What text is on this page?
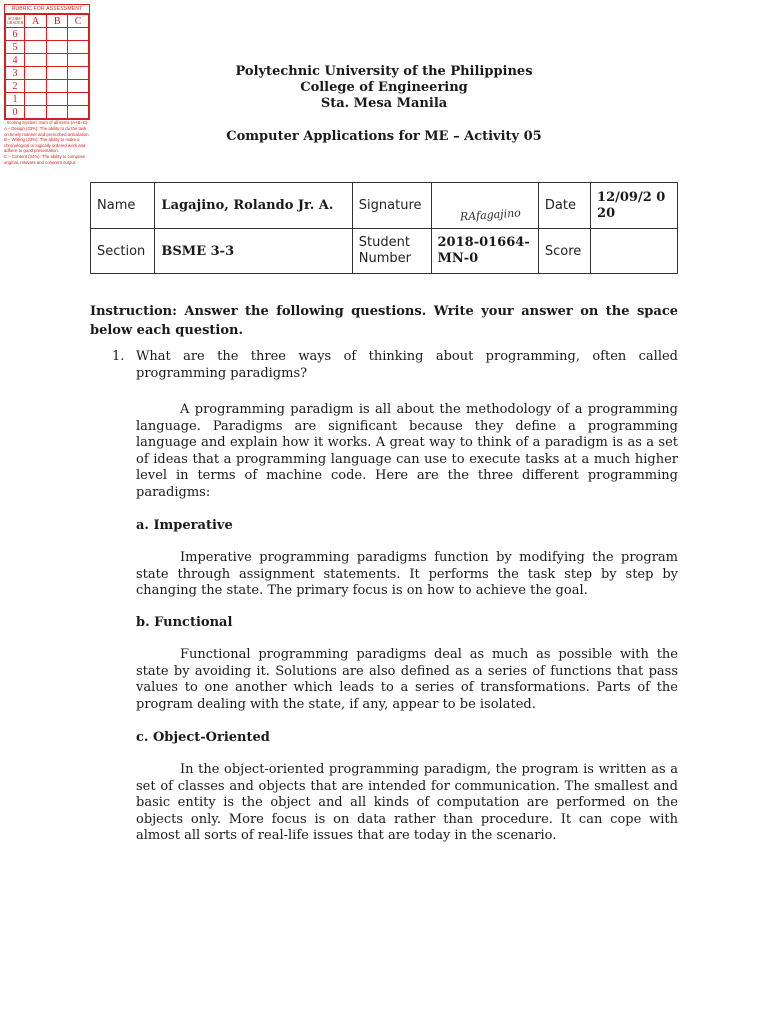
RUBRIC FOR ASSESSMENT
SCORE/ GRADER	A	B	C
6			
5			
4			
3			
2			
1			
0			

Scoring System: Sum of all items (A+B+C)

A – Design (33%): The ability to do the task on timely manner and prescribed articulation.

B – Writing (33%): The ability to make a chronological or logically ordered work and adhere to good presentation.

C – Content (34%): The ability to compose original, relevant and coherent output.

Polytechnic University of the Philippines
College of Engineering
Sta. Mesa Manila
Computer Applications for ME – Activity 05
Name	Lagajino, Rolando Jr. A.	Signature	RAfagajino	Date	12/09/2 020
Section	BSME 3-3	Student Number	2018-01664-MN-0	Score	
Instruction: Answer the following questions. Write your answer on the space below each question.
1. What are the three ways of thinking about programming, often called programming paradigms?
A programming paradigm is all about the methodology of a programming language. Paradigms are significant because they define a programming language and explain how it works. A great way to think of a paradigm is as a set of ideas that a programming language can use to execute tasks at a much higher level in terms of machine code. Here are the three different programming paradigms:
a. Imperative
Imperative programming paradigms function by modifying the program state through assignment statements. It performs the task step by step by changing the state. The primary focus is on how to achieve the goal.
b. Functional
Functional programming paradigms deal as much as possible with the state by avoiding it. Solutions are also defined as a series of functions that pass values to one another which leads to a series of transformations. Parts of the program dealing with the state, if any, appear to be isolated.
c. Object-Oriented
In the object-oriented programming paradigm, the program is written as a set of classes and objects that are intended for communication. The smallest and basic entity is the object and all kinds of computation are performed on the objects only. More focus is on data rather than procedure. It can cope with almost all sorts of real-life issues that are today in the scenario.
